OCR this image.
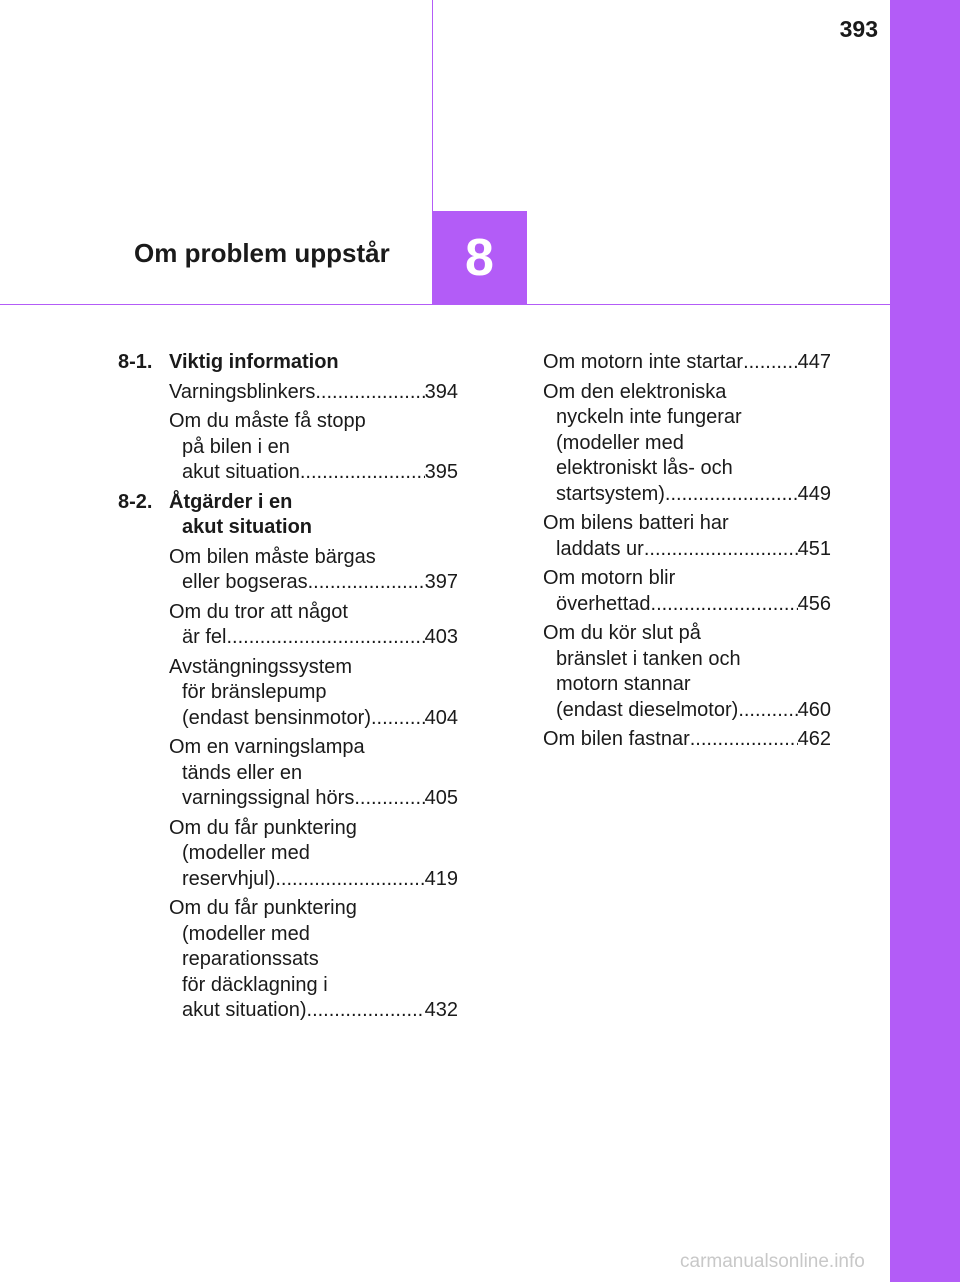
393
Om problem uppstår	8
8-1. Viktig information
Varningsblinkers .....	394
Om du måste få stopp
på bilen i en
akut situation .....	395
8-2. Åtgärder i en
akut situation
Om bilen måste bärgas
eller bogseras .....	397
Om du tror att något
är fel .....	403
Avstängningssystem
för bränslepump
(endast bensinmotor) .....	404
Om en varningslampa
tänds eller en
varningssignal hörs .....	405
Om du får punktering
(modeller med
reservhjul) .....	419
Om du får punktering
(modeller med
reparationssats
för däcklagning i
akut situation) .....	432
Om motorn inte startar .....	447
Om den elektroniska
nyckeln inte fungerar
(modeller med
elektroniskt lås- och
startsystem) .....	449
Om bilens batteri har
laddats ur .....	451
Om motorn blir
överhettad .....	456
Om du kör slut på
bränslet i tanken och
motorn stannar
(endast dieselmotor) .....	460
Om bilen fastnar .....	462
carmanualsonline.info
